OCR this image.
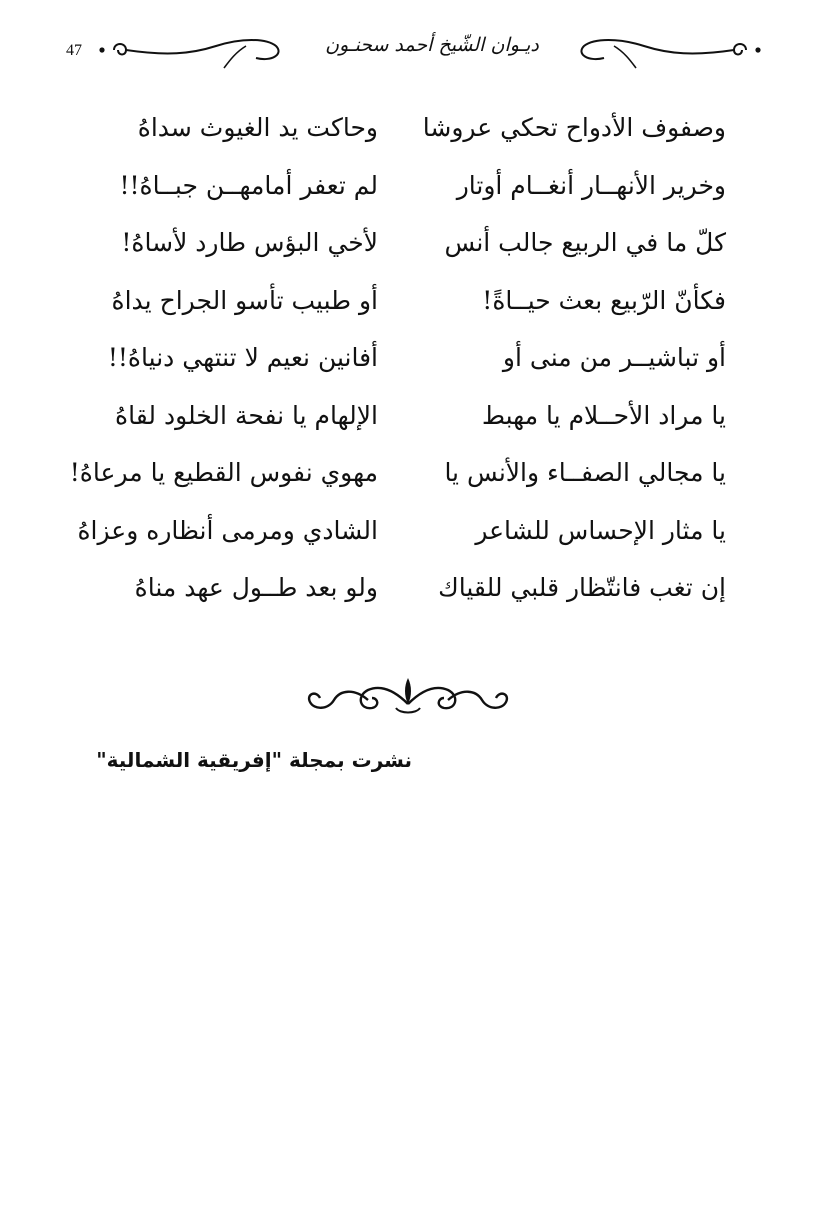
47	ديـوان الشّيخ أحمد سحنـون
وصفوف الأدواح تحكي عروشا
وحاكت يد الغيوث سداهُ
وخرير الأنهــار أنغــام أوتار
لم تعفر أمامهــن جبــاهُ!!
كلّ ما في الربيع جالب أنس
لأخي البؤس طارد لأساهُ!
فكأنّ الرّبيع بعث حيــاةً!
أو طبيب تأسو الجراح يداهُ
أو تباشيــر من منى أو
أفانين نعيم لا تنتهي دنياهُ!!
يا مراد الأحــلام يا مهبط
الإلهام يا نفحة الخلود لقاهُ
يا مجالي الصفــاء والأنس يا
مهوي نفوس القطيع يا مرعاهُ!
يا مثار الإحساس للشاعر
الشادي ومرمى أنظاره وعزاهُ
إن تغب فانتّظار قلبي للقياك
ولو بعد طــول عهد مناهُ
نشرت بمجلة "إفريقية الشمالية"
